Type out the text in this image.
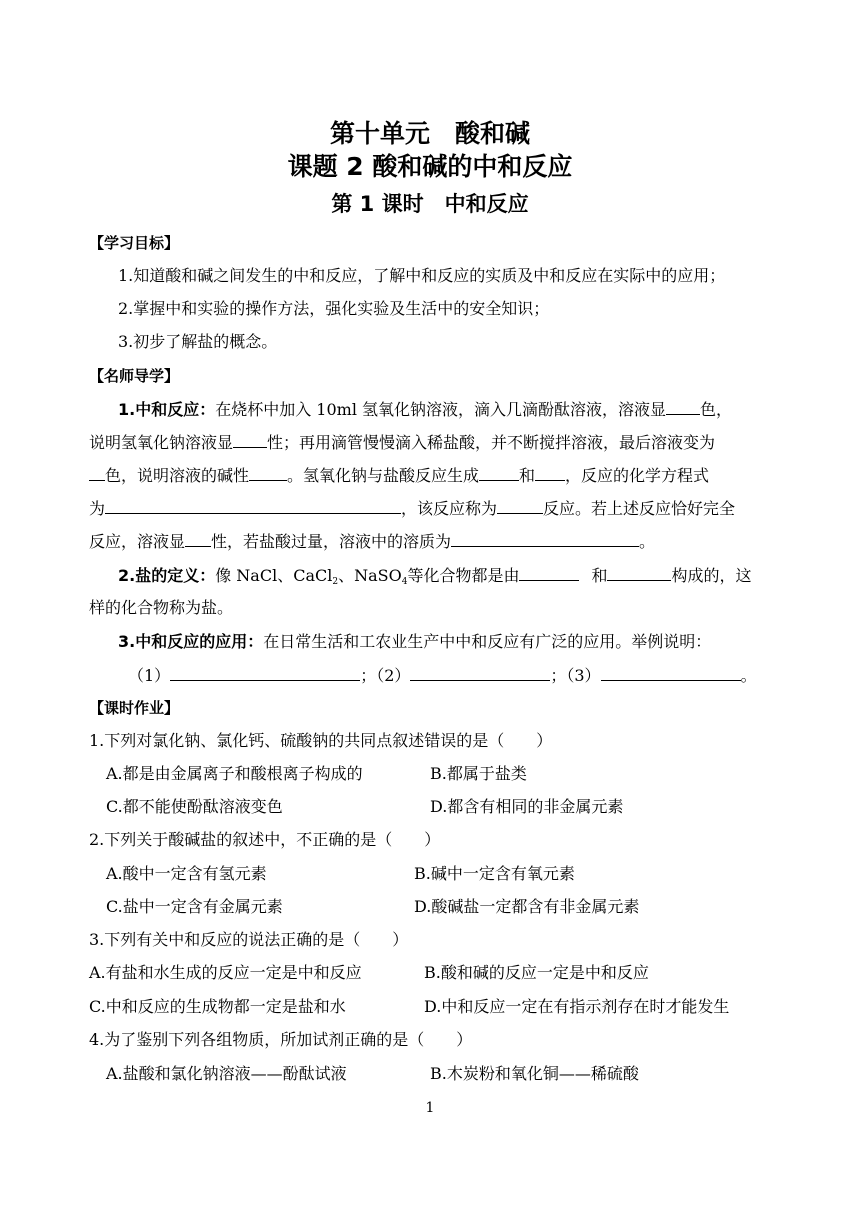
第十单元　酸和碱
课题 2 酸和碱的中和反应
第 1 课时　中和反应
【学习目标】
1.知道酸和碱之间发生的中和反应，了解中和反应的实质及中和反应在实际中的应用；
2.掌握中和实验的操作方法，强化实验及生活中的安全知识；
3.初步了解盐的概念。
【名师导学】
1.中和反应：在烧杯中加入 10ml 氢氧化钠溶液，滴入几滴酚酞溶液，溶液显 色，
说明氢氧化钠溶液显 性；再用滴管慢慢滴入稀盐酸，并不断搅拌溶液，最后溶液变为
色，说明溶液的碱性 。氢氧化钠与盐酸反应生成	和 ，反应的化学方程式
为	，该反应称为	反应。若上述反应恰好完全
反应，溶液显 性，若盐酸过量，溶液中的溶质为	。
2.盐的定义：像 NaCl、CaCl$_2$、NaSO$_4$等化合物都是由	和	构成的，这
样的化合物称为盐。
3.中和反应的应用：在日常生活和工农业生产中中和反应有广泛的应用。举例说明：
（1）	；（2）	；（3）	。
【课时作业】
1.下列对氯化钠、氯化钙、硫酸钠的共同点叙述错误的是（　　）
A.都是由金属离子和酸根离子构成的	B.都属于盐类
C.都不能使酚酞溶液变色	D.都含有相同的非金属元素
2.下列关于酸碱盐的叙述中，不正确的是（　　）
A.酸中一定含有氢元素	B.碱中一定含有氧元素
C.盐中一定含有金属元素	D.酸碱盐一定都含有非金属元素
3.下列有关中和反应的说法正确的是（　　）
A.有盐和水生成的反应一定是中和反应	B.酸和碱的反应一定是中和反应
C.中和反应的生成物都一定是盐和水	D.中和反应一定在有指示剂存在时才能发生
4.为了鉴别下列各组物质，所加试剂正确的是（　　）
A.盐酸和氯化钠溶液——酚酞试液	B.木炭粉和氧化铜——稀硫酸
1
